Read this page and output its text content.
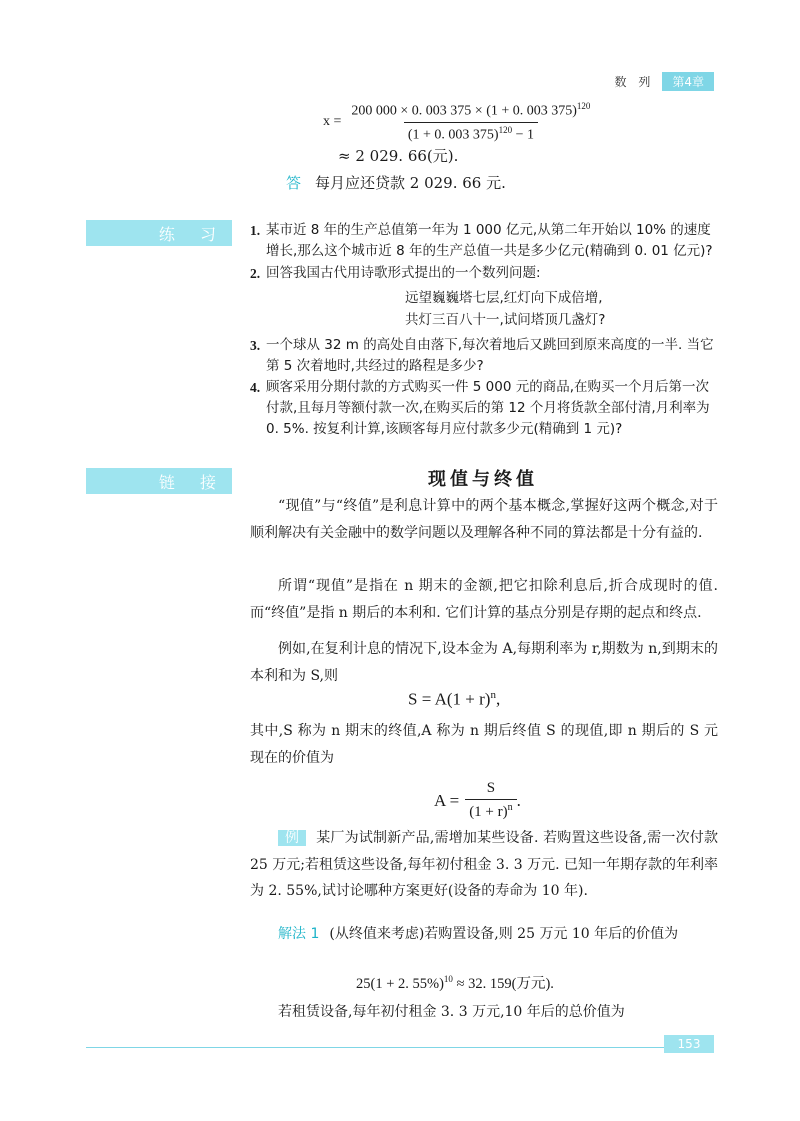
数 列	第4章
$x = \frac{200 000 \times 0. 003 375 \times (1 + 0. 003 375)^{120}}{(1 + 0. 003 375)^{120} - 1}$
≈ 2 029. 66(元).
答 每月应还贷款 2 029. 66 元.
练 习	1. 某市近 8 年的生产总值第一年为 1 000 亿元,从第二年开始以 10% 的速度增长,那么这个城市近 8 年的生产总值一共是多少亿元(精确到 0. 01 亿元)?
2. 回答我国古代用诗歌形式提出的一个数列问题:
远望巍巍塔七层,红灯向下成倍增,
共灯三百八十一,试问塔顶几盏灯?
3. 一个球从 32 m 的高处自由落下,每次着地后又跳回到原来高度的一半. 当它第 5 次着地时,共经过的路程是多少?
4. 顾客采用分期付款的方式购买一件 5 000 元的商品,在购买一个月后第一次付款,且每月等额付款一次,在购买后的第 12 个月将货款全部付清,月利率为 0. 5%. 按复利计算,该顾客每月应付款多少元(精确到 1 元)?
链 接	现值与终值
“现值”与“终值”是利息计算中的两个基本概念,掌握好这两个概念,对于顺利解决有关金融中的数学问题以及理解各种不同的算法都是十分有益的.
所谓“现值”是指在 n 期末的金额,把它扣除利息后,折合成现时的值. 而“终值”是指 n 期后的本利和. 它们计算的基点分别是存期的起点和终点.
例如,在复利计息的情况下,设本金为 A,每期利率为 r,期数为 n,到期末的本利和为 S,则
$S = A(1 + r)^n$,
其中,S 称为 n 期末的终值,A 称为 n 期后终值 S 的现值,即 n 期后的 S 元现在的价值为
$A = \frac{S}{(1 + r)^n}$ .
例 某厂为试制新产品,需增加某些设备. 若购置这些设备,需一次付款 25 万元;若租赁这些设备,每年初付租金 3. 3 万元. 已知一年期存款的年利率为 2. 55%,试讨论哪种方案更好(设备的寿命为 10 年).
解法 1 (从终值来考虑)若购置设备,则 25 万元 10 年后的价值为
25(1 + 2. 55%)$^{10}$ ≈ 32. 159(万元).
若租赁设备,每年初付租金 3. 3 万元,10 年后的总价值为
153
